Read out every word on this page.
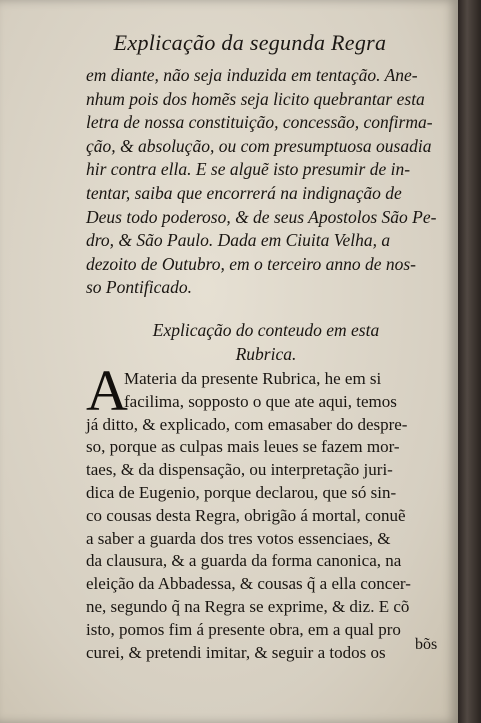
Explicação da segunda Regra
em diante, não seja induzida em tentação. Ane-
nhum pois dos homẽs seja licito quebrantar esta
letra de nossa constituição, concessão, confirma-
ção, & absolução, ou com presumptuosa ousadia
hir contra ella. E se alguẽ isto presumir de in-
tentar, saiba que encorrerá na indignação de
Deus todo poderoso, & de seus Apostolos São Pe-
dro, & São Paulo. Dada em Ciuita Velha, a
dezoito de Outubro, em o terceiro anno de nos-
so Pontificado.
Explicação do conteudo em esta
Rubrica.
A
Materia da presente Rubrica, he em si
facilima, sopposto o que ate aqui, temos
já ditto, & explicado, com emasaber do despre-
so, porque as culpas mais leues se fazem mor-
taes, & da dispensação, ou interpretação juri-
dica de Eugenio, porque declarou, que só sin-
co cousas desta Regra, obrigão á mortal, conuẽ
a saber a guarda dos tres votos essenciaes, &
da clausura, & a guarda da forma canonica, na
eleição da Abbadessa, & cousas q̃ a ella concer-
ne, segundo q̃ na Regra se exprime, & diz. E cõ
isto, pomos fim á presente obra, em a qual pro
curei, & pretendi imitar, & seguir a todos os	bõs
